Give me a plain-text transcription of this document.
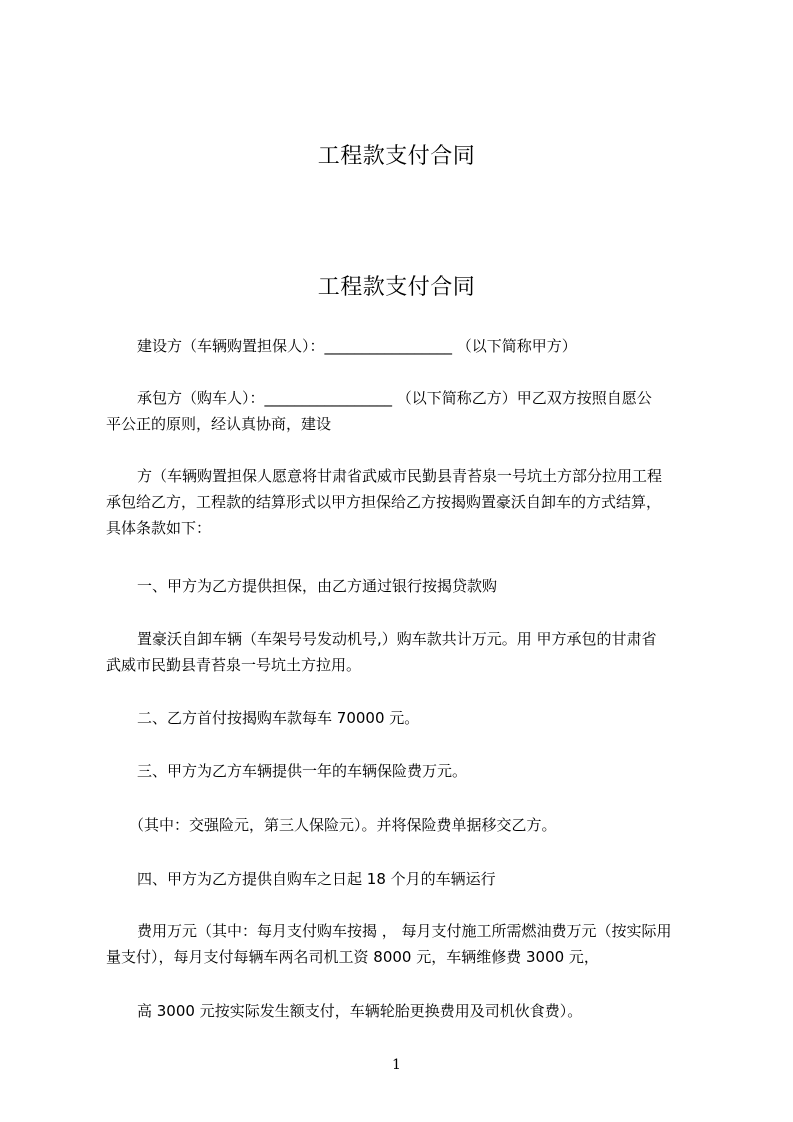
工程款支付合同
工程款支付合同
建设方（车辆购置担保人）：_________________ （以下简称甲方）
承包方（购车人）：_________________ （以下简称乙方）甲乙双方按照自愿公
平公正的原则，经认真协商，建设
方（车辆购置担保人愿意将甘肃省武威市民勤县青苔泉一号坑土方部分拉用工程
承包给乙方，工程款的结算形式以甲方担保给乙方按揭购置豪沃自卸车的方式结算，
具体条款如下：
一、甲方为乙方提供担保，由乙方通过银行按揭贷款购
置豪沃自卸车辆（车架号号发动机号,）购车款共计万元。用 甲方承包的甘肃省
武威市民勤县青苔泉一号坑土方拉用。
二、乙方首付按揭购车款每车 70000 元。
三、甲方为乙方车辆提供一年的车辆保险费万元。
（其中：交强险元，第三人保险元）。并将保险费单据移交乙方。
四、甲方为乙方提供自购车之日起 18 个月的车辆运行
费用万元（其中：每月支付购车按揭 ， 每月支付施工所需燃油费万元（按实际用
量支付），每月支付每辆车两名司机工资 8000 元，车辆维修费 3000 元，
高 3000 元按实际发生额支付，车辆轮胎更换费用及司机伙食费）。
1
